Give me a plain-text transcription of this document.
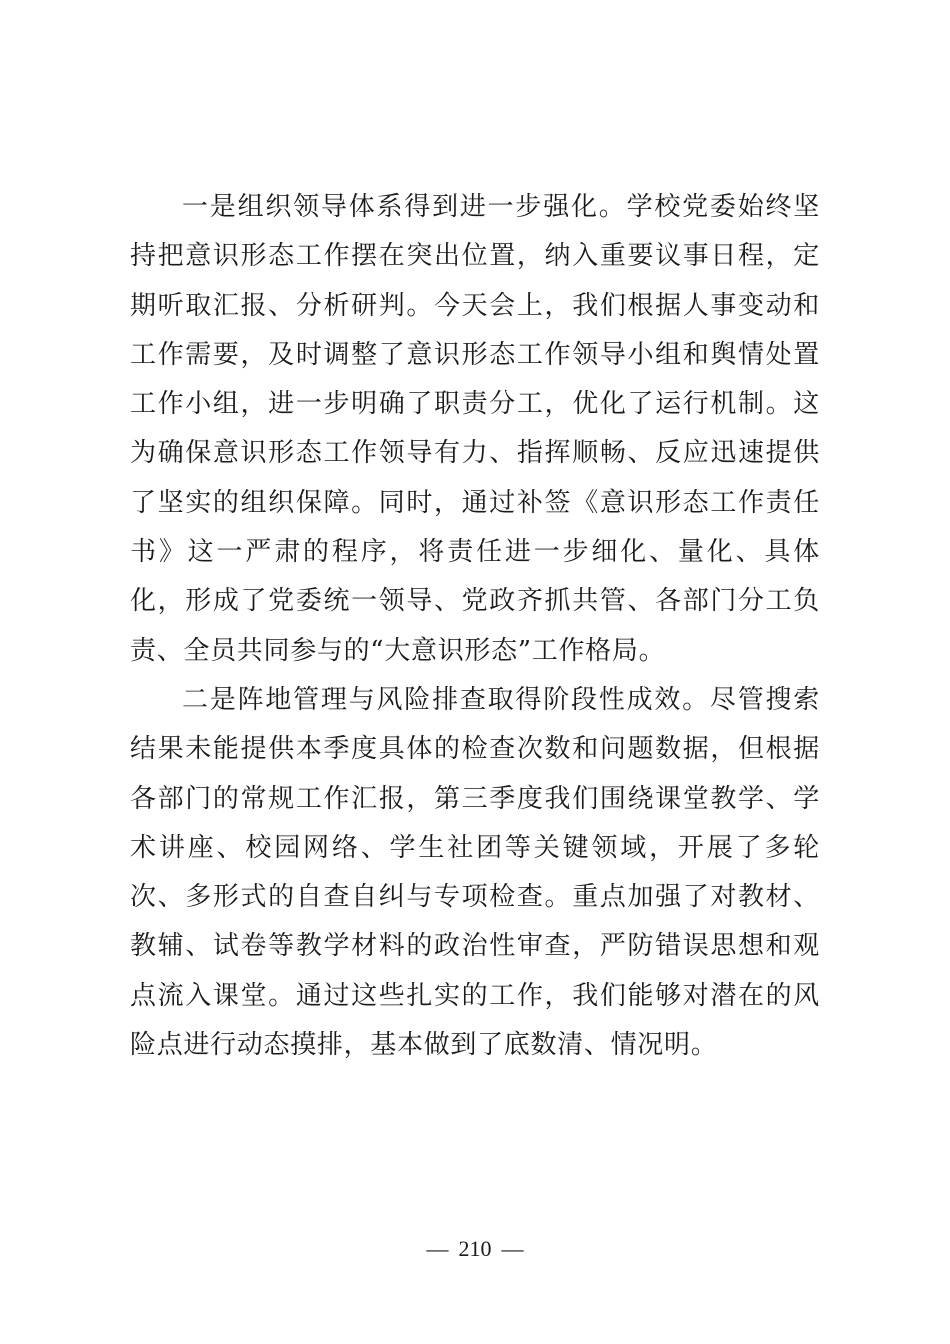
一是组织领导体系得到进一步强化。学校党委始终坚持把意识形态工作摆在突出位置，纳入重要议事日程，定期听取汇报、分析研判。今天会上，我们根据人事变动和工作需要，及时调整了意识形态工作领导小组和舆情处置工作小组，进一步明确了职责分工，优化了运行机制。这为确保意识形态工作领导有力、指挥顺畅、反应迅速提供了坚实的组织保障。同时，通过补签《意识形态工作责任书》这一严肃的程序，将责任进一步细化、量化、具体化，形成了党委统一领导、党政齐抓共管、各部门分工负责、全员共同参与的“大意识形态”工作格局。

二是阵地管理与风险排查取得阶段性成效。尽管搜索结果未能提供本季度具体的检查次数和问题数据，但根据各部门的常规工作汇报，第三季度我们围绕课堂教学、学术讲座、校园网络、学生社团等关键领域，开展了多轮次、多形式的自查自纠与专项检查。重点加强了对教材、教辅、试卷等教学材料的政治性审查，严防错误思想和观点流入课堂。通过这些扎实的工作，我们能够对潜在的风险点进行动态摸排，基本做到了底数清、情况明。

— 210 —
